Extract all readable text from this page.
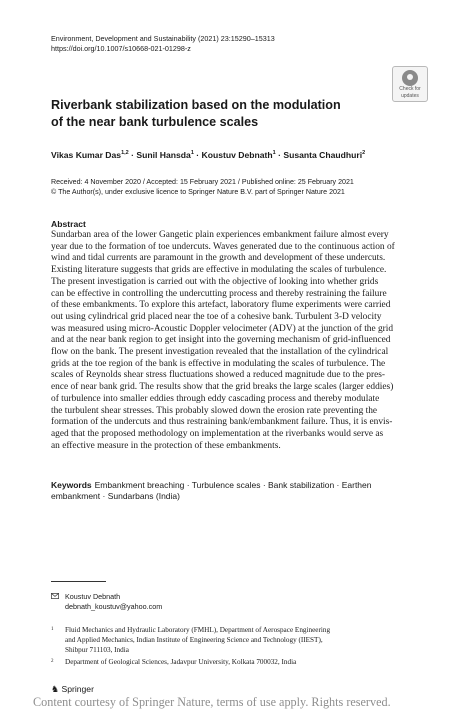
Environment, Development and Sustainability (2021) 23:15290–15313
https://doi.org/10.1007/s10668-021-01298-z
Check for
updates
Riverbank stabilization based on the modulation
of the near bank turbulence scales
Vikas Kumar Das$^{1,2}$ · Sunil Hansda$^1$ · Koustuv Debnath$^1$ · Susanta Chaudhuri$^2$
Received: 4 November 2020 / Accepted: 15 February 2021 / Published online: 25 February 2021
© The Author(s), under exclusive licence to Springer Nature B.V. part of Springer Nature 2021
Abstract
Sundarban area of the lower Gangetic plain experiences embankment failure almost every
year due to the formation of toe undercuts. Waves generated due to the continuous action of
wind and tidal currents are paramount in the growth and development of these undercuts.
Existing literature suggests that grids are effective in modulating the scales of turbulence.
The present investigation is carried out with the objective of looking into whether grids
can be effective in controlling the undercutting process and thereby restraining the failure
of these embankments. To explore this artefact, laboratory flume experiments were carried
out using cylindrical grid placed near the toe of a cohesive bank. Turbulent 3-D velocity
was measured using micro-Acoustic Doppler velocimeter (ADV) at the junction of the grid
and at the near bank region to get insight into the governing mechanism of grid-influenced
flow on the bank. The present investigation revealed that the installation of the cylindrical
grids at the toe region of the bank is effective in modulating the scales of turbulence. The
scales of Reynolds shear stress fluctuations showed a reduced magnitude due to the pres-
ence of near bank grid. The results show that the grid breaks the large scales (larger eddies)
of turbulence into smaller eddies through eddy cascading process and thereby modulate
the turbulent shear stresses. This probably slowed down the erosion rate preventing the
formation of the undercuts and thus restraining bank/embankment failure. Thus, it is envis-
aged that the proposed methodology on implementation at the riverbanks would serve as
an effective measure in the protection of these embankments.
Keywords Embankment breaching · Turbulence scales · Bank stabilization · Earthen
embankment · Sundarbans (India)
Koustuv Debnath
debnath_koustuv@yahoo.com
1 Fluid Mechanics and Hydraulic Laboratory (FMHL), Department of Aerospace Engineering
and Applied Mechanics, Indian Institute of Engineering Science and Technology (IIEST),
Shibpur 711103, India
2 Department of Geological Sciences, Jadavpur University, Kolkata 700032, India
♞ Springer
Content courtesy of Springer Nature, terms of use apply. Rights reserved.
